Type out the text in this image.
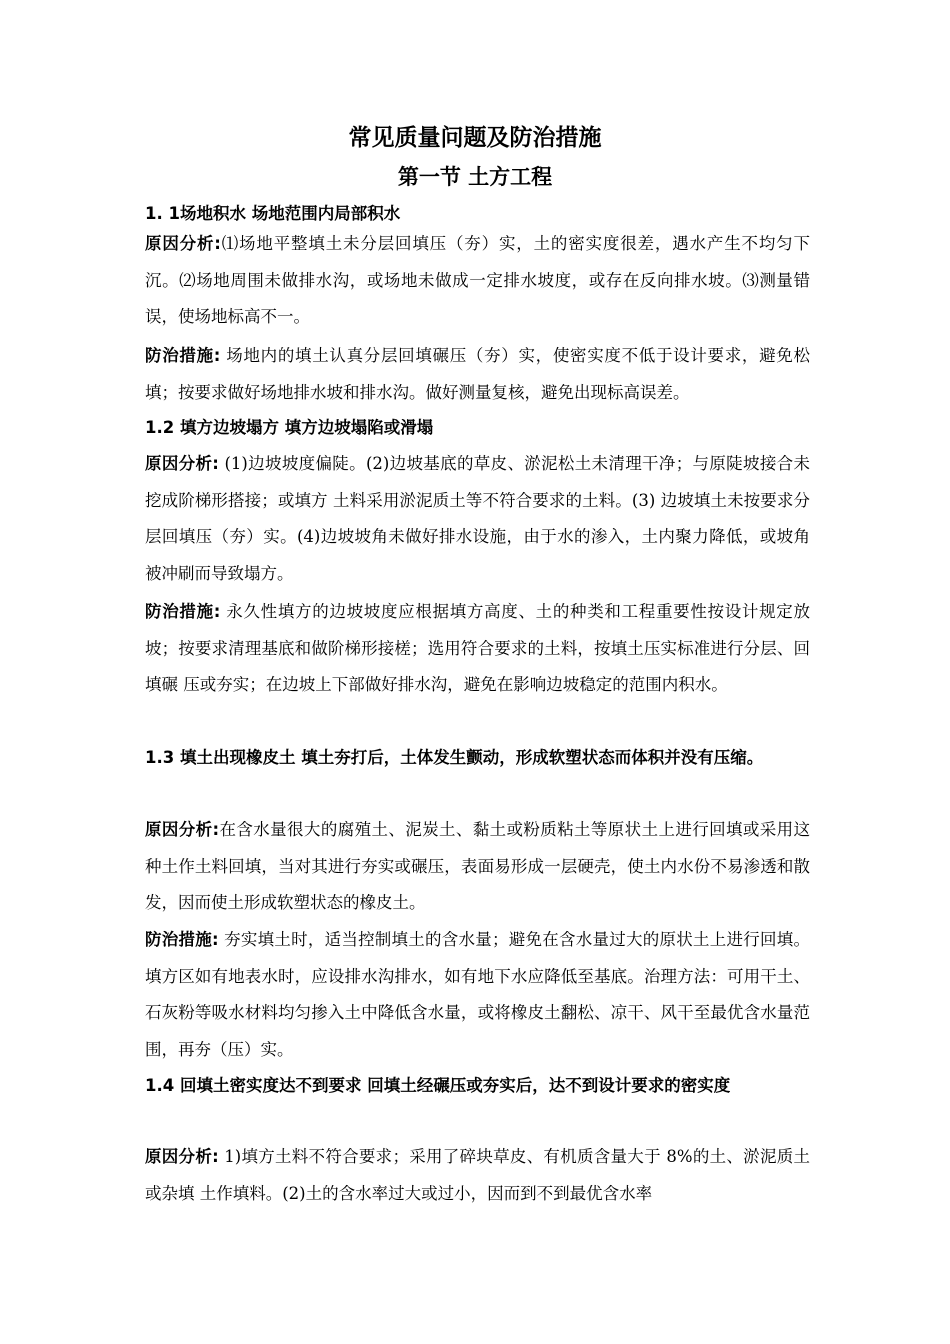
常见质量问题及防治措施
第一节 土方工程
1. 1场地积水 场地范围内局部积水
原因分析:⑴场地平整填土未分层回填压（夯）实，土的密实度很差，遇水产生不均匀下沉。⑵场地周围未做排水沟，或场地未做成一定排水坡度，或存在反向排水坡。⑶测量错误，使场地标高不一。
防治措施: 场地内的填土认真分层回填碾压（夯）实，使密实度不低于设计要求，避免松填；按要求做好场地排水坡和排水沟。做好测量复核，避免出现标高误差。
1.2 填方边坡塌方 填方边坡塌陷或滑塌
原因分析: (1)边坡坡度偏陡。(2)边坡基底的草皮、淤泥松土未清理干净；与原陡坡接合未挖成阶梯形搭接；或填方 土料采用淤泥质土等不符合要求的土料。(3) 边坡填土未按要求分层回填压（夯）实。(4)边坡坡角未做好排水设施，由于水的渗入，土内聚力降低，或坡角被冲刷而导致塌方。
防治措施: 永久性填方的边坡坡度应根据填方高度、土的种类和工程重要性按设计规定放坡；按要求清理基底和做阶梯形接槎；选用符合要求的土料，按填土压实标准进行分层、回填碾 压或夯实；在边坡上下部做好排水沟，避免在影响边坡稳定的范围内积水。
1.3 填土出现橡皮土 填土夯打后，土体发生颤动，形成软塑状态而体积并没有压缩。
原因分析:在含水量很大的腐殖土、泥炭土、黏土或粉质粘土等原状土上进行回填或采用这种土作土料回填，当对其进行夯实或碾压，表面易形成一层硬壳，使土内水份不易渗透和散发，因而使土形成软塑状态的橡皮土。
防治措施: 夯实填土时，适当控制填土的含水量；避免在含水量过大的原状土上进行回填。填方区如有地表水时，应设排水沟排水，如有地下水应降低至基底。治理方法：可用干土、石灰粉等吸水材料均匀掺入土中降低含水量，或将橡皮土翻松、凉干、风干至最优含水量范围，再夯（压）实。
1.4 回填土密实度达不到要求 回填土经碾压或夯实后，达不到设计要求的密实度
原因分析: 1)填方土料不符合要求；采用了碎块草皮、有机质含量大于 8%的土、淤泥质土或杂填 土作填料。(2)土的含水率过大或过小，因而到不到最优含水率
